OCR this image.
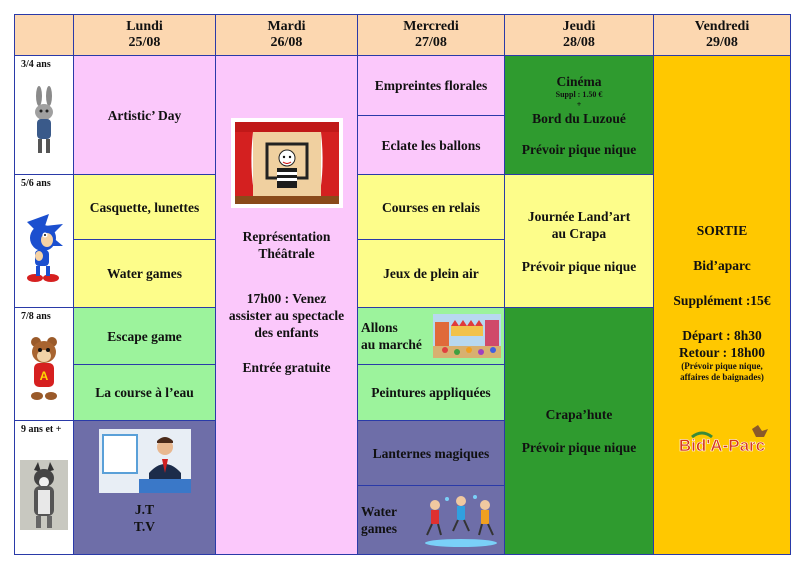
Lundi
25/08
Mardi
26/08
Mercredi
27/08
Jeudi
28/08
Vendredi
29/08
3/4 ans
5/6 ans
7/8 ans
A
9 ans et +
Artistic’ Day
Casquette, lunettes
Water games
Escape game
La course à l’eau
J.T
T.V
Représentation
Théâtrale
17h00 : Venez
assister au spectacle
des enfants
Entrée gratuite
Empreintes florales
Eclate les ballons
Courses en relais
Jeux de plein air
Allons
au marché
Peintures appliquées
Lanternes magiques
Water
games
Cinéma
Suppl : 1.50 €
+
Bord du Luzoué
Prévoir pique nique
Journée Land’art
au Crapa
Prévoir pique nique
Crapa’hute
Prévoir pique nique
SORTIE
Bid’aparc
Supplément :15€
Départ : 8h30
Retour : 18h00
(Prévoir pique nique,
affaires de baignades)
Bid'A-Parc
